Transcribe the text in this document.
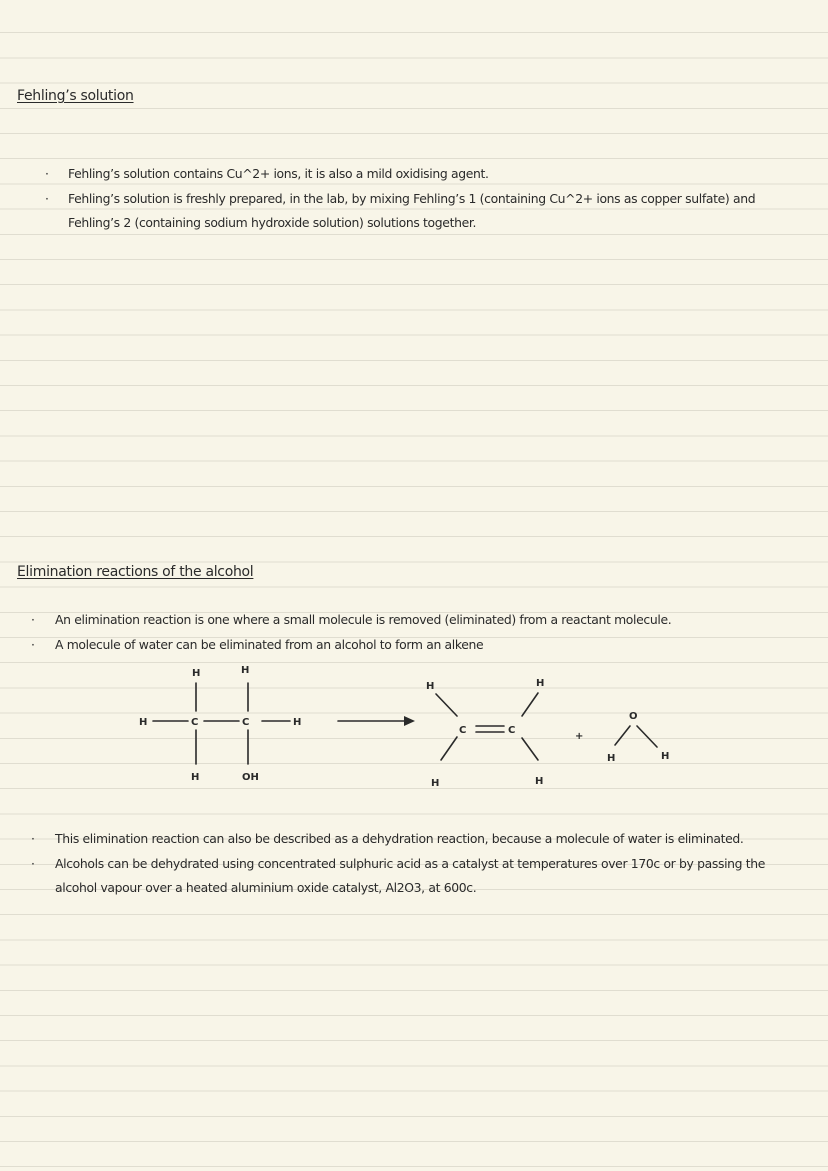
Fehling’s solution
· Fehling’s solution contains Cu^2+ ions, it is also a mild oxidising agent.
· Fehling’s solution is freshly prepared, in the lab, by mixing Fehling’s 1 (containing Cu^2+ ions as copper sulfate) and Fehling’s 2 (containing sodium hydroxide solution) solutions together.
Elimination reactions of the alcohol
· An elimination reaction is one where a small molecule is removed (eliminated) from a reactant molecule.
· A molecule of water can be eliminated from an alcohol to form an alkene
H	H
H	C	C	H
H	OH
H	H
C	C
H	H
+
O
H	H
· This elimination reaction can also be described as a dehydration reaction, because a molecule of water is eliminated.
· Alcohols can be dehydrated using concentrated sulphuric acid as a catalyst at temperatures over 170c or by passing the alcohol vapour over a heated aluminium oxide catalyst, Al2O3, at 600c.
